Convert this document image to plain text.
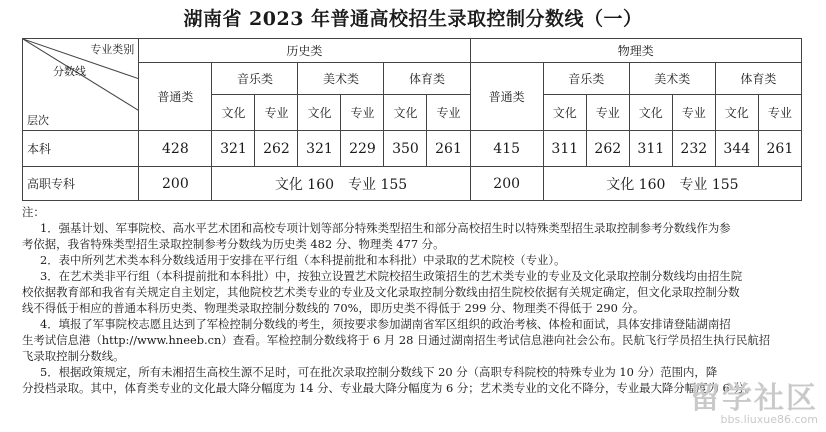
湖南省 2023 年普通高校招生录取控制分数线（一）
专业类别
分数线
层次	历史类							物理类						
	普通类	音乐类		美术类		体育类		普通类	音乐类		美术类		体育类	
		文化	专业	文化	专业	文化	专业		文化	专业	文化	专业	文化	专业
本科	428	321	262	321	229	350	261	415	311	262	311	232	344	261
高职专科	200	文化 160　专业 155						200	文化 160　专业 155					

注：

1．强基计划、军事院校、高水平艺术团和高校专项计划等部分特殊类型招生和部分高校招生时以特殊类型招生录取控制参考分数线作为参

考依据，我省特殊类型招生录取控制参考分数线为历史类 482 分、物理类 477 分。

2．表中所列艺术类本科分数线适用于安排在平行组（本科提前批和本科批）中录取的艺术院校（专业）。

3．在艺术类非平行组（本科提前批和本科批）中，按独立设置艺术院校招生政策招生的艺术类专业的专业及文化录取控制分数线均由招生院

校依据教育部和我省有关规定自主划定，其他院校艺术类专业的专业及文化录取控制分数线由招生院校依据有关规定确定，但文化录取控制分数

线不得低于相应的普通本科历史类、物理类录取控制分数线的 70%，即历史类不得低于 299 分、物理类不得低于 290 分。

4．填报了军事院校志愿且达到了军检控制分数线的考生，须按要求参加湖南省军区组织的政治考核、体检和面试，具体安排请登陆湖南招

生考试信息港（http://www.hneeb.cn）查看。军检控制分数线将于 6 月 28 日通过湖南招生考试信息港向社会公布。民航飞行学员招生执行民航招

飞录取控制分数线。

5．根据政策规定，所有未湘招生高校生源不足时，可在批次录取控制分数线下 20 分（高职专科院校的特殊专业为 10 分）范围内，降

分投档录取。其中，体育类专业的文化最大降分幅度为 14 分、专业最大降分幅度为 6 分；艺术类专业的文化不降分，专业最大降分幅度为 6 分。

留学社区
bbs.liuxue86.com
